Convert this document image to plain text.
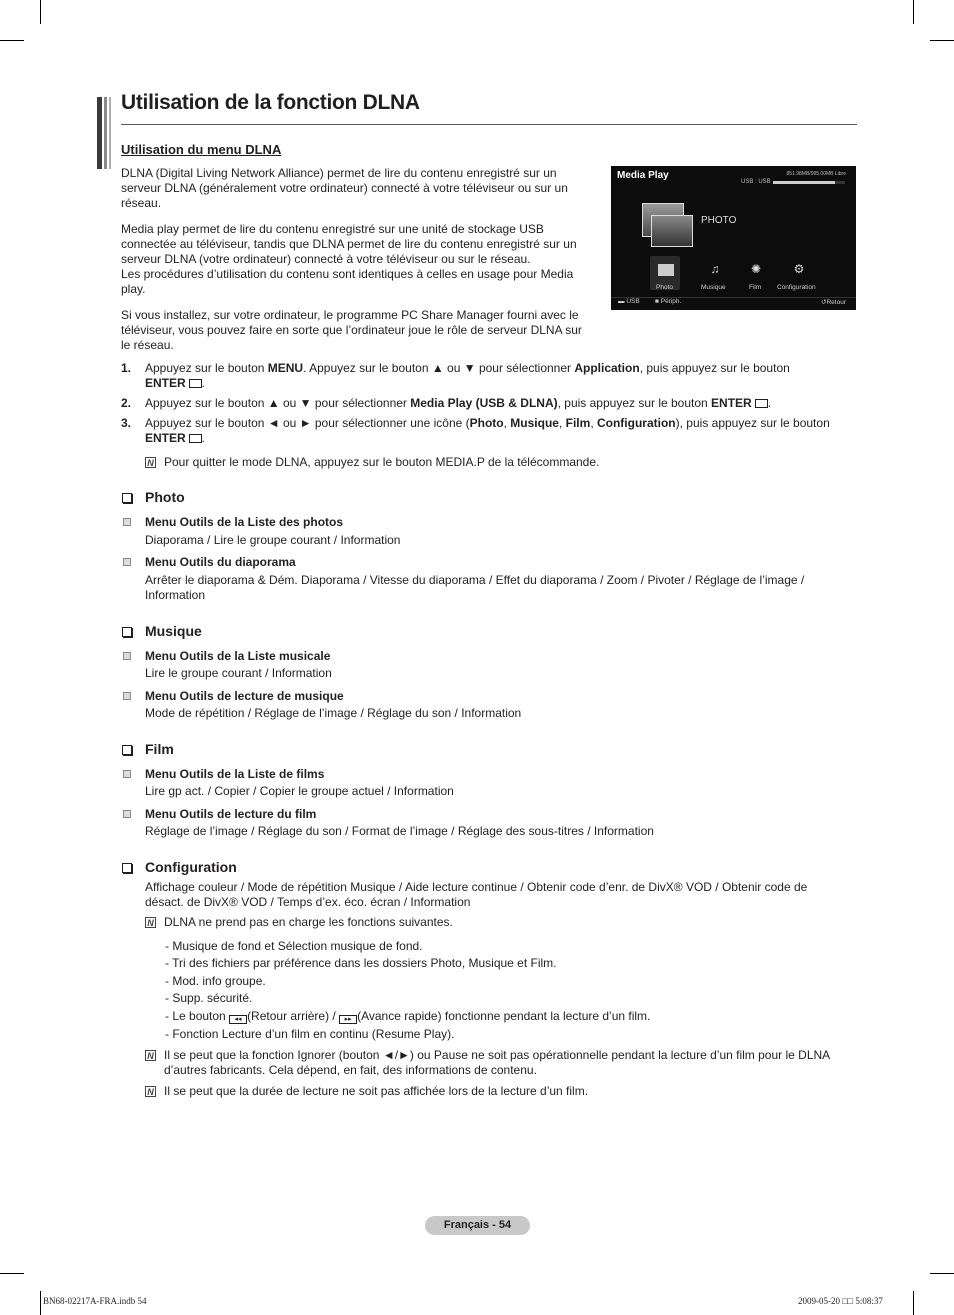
Utilisation de la fonction DLNA
Utilisation du menu DLNA
DLNA (Digital Living Network Alliance) permet de lire du contenu enregistré sur un
serveur DLNA (généralement votre ordinateur) connecté à votre téléviseur ou sur un
réseau.
Media play permet de lire du contenu enregistré sur une unité de stockage USB
connectée au téléviseur, tandis que DLNA permet de lire du contenu enregistré sur un
serveur DLNA (votre ordinateur) connecté à votre téléviseur ou sur le réseau.
Les procédures d’utilisation du contenu sont identiques à celles en usage pour Media
play.
Si vous installez, sur votre ordinateur, le programme PC Share Manager fourni avec le
téléviseur, vous pouvez faire en sorte que l’ordinateur joue le rôle de serveur DLNA sur
le réseau.
Media Play	851.98MB/995.00MB Libre
USB : USB
PHOTO
♫	✺	⚙
Photo	Musique	Film Configuration
▬ USB ■ Périph.	↺Retour
1. Appuyez sur le bouton MENU. Appuyez sur le bouton ▲ ou ▼ pour sélectionner Application, puis appuyez sur le bouton
ENTER .
2. Appuyez sur le bouton ▲ ou ▼ pour sélectionner Media Play (USB & DLNA), puis appuyez sur le bouton ENTER .
3. Appuyez sur le bouton ◄ ou ► pour sélectionner une icône (Photo, Musique, Film, Configuration), puis appuyez sur le bouton
ENTER .
N Pour quitter le mode DLNA, appuyez sur le bouton MEDIA.P de la télécommande.
Photo
Menu Outils de la Liste des photos
Diaporama / Lire le groupe courant / Information
Menu Outils du diaporama
Arrêter le diaporama & Dém. Diaporama / Vitesse du diaporama / Effet du diaporama / Zoom / Pivoter / Réglage de l’image / Information
Musique
Menu Outils de la Liste musicale
Lire le groupe courant / Information
Menu Outils de lecture de musique
Mode de répétition / Réglage de l’image / Réglage du son / Information
Film
Menu Outils de la Liste de films
Lire gp act. / Copier / Copier le groupe actuel / Information
Menu Outils de lecture du film
Réglage de l’image / Réglage du son / Format de l’image / Réglage des sous-titres / Information
Configuration
Affichage couleur / Mode de répétition Musique / Aide lecture continue / Obtenir code d’enr. de DivX® VOD / Obtenir code de désact. de DivX® VOD / Temps d’ex. éco. écran / Information
N DLNA ne prend pas en charge les fonctions suivantes.
- Musique de fond et Sélection musique de fond.
- Tri des fichiers par préférence dans les dossiers Photo, Musique et Film.
- Mod. info groupe.
- Supp. sécurité.
- Le bouton ◂◂ (Retour arrière) / ▸▸ (Avance rapide) fonctionne pendant la lecture d’un film.
- Fonction Lecture d’un film en continu (Resume Play).
N Il se peut que la fonction Ignorer (bouton ◄/►) ou Pause ne soit pas opérationnelle pendant la lecture d’un film pour le DLNA d’autres fabricants. Cela dépend, en fait, des informations de contenu.
N Il se peut que la durée de lecture ne soit pas affichée lors de la lecture d’un film.
Français - 54
BN68-02217A-FRA.indb 54	2009-05-20 □□ 5:08:37
